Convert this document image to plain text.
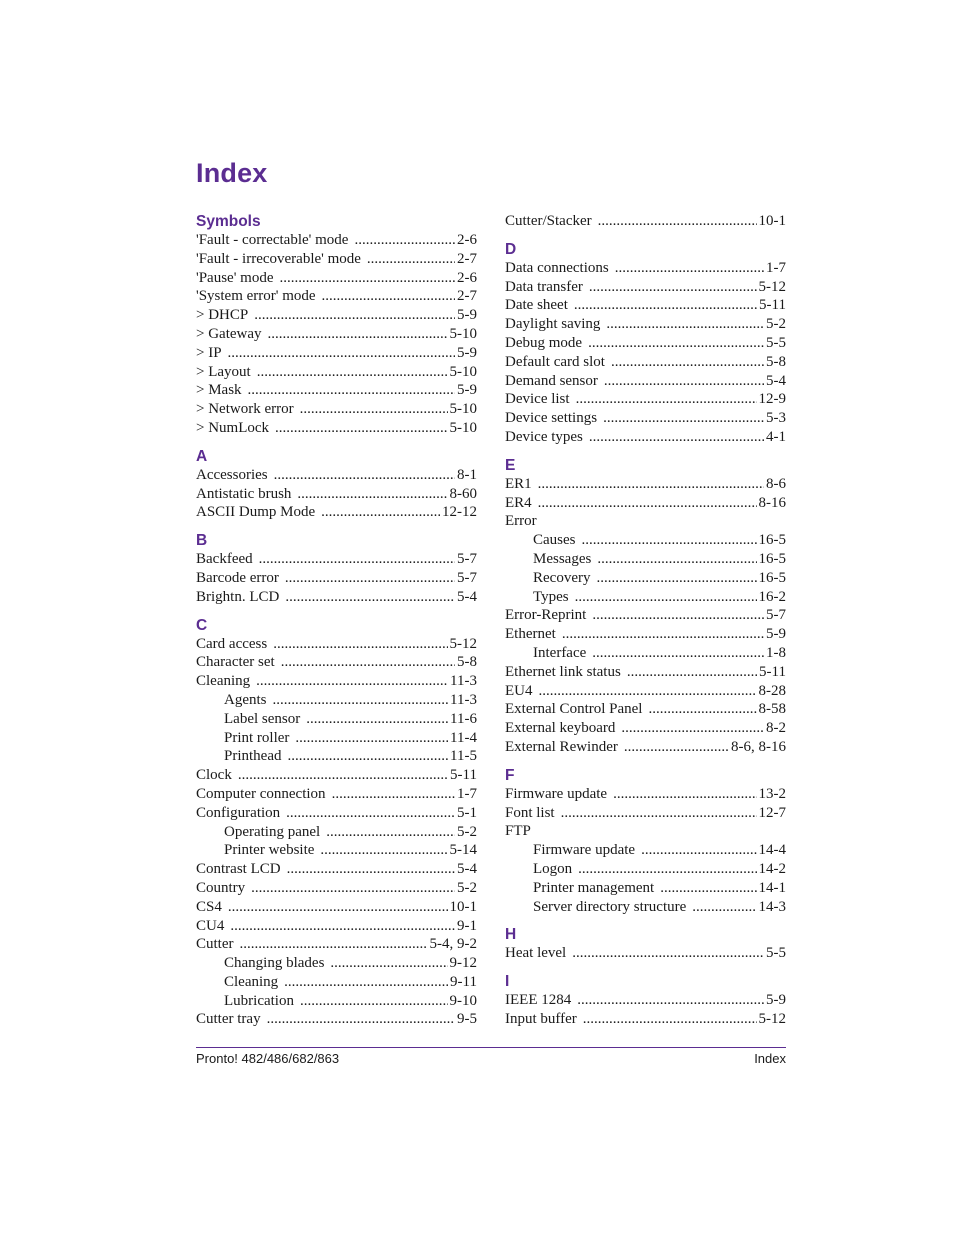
Index
Symbols
'Fault - correctable' mode .....	2-6
'Fault - irrecoverable' mode .....	2-7
'Pause' mode .....	2-6
'System error' mode .....	2-7
> DHCP .....	5-9
> Gateway .....	5-10
> IP .....	5-9
> Layout .....	5-10
> Mask .....	5-9
> Network error .....	5-10
> NumLock .....	5-10
A
Accessories .....	8-1
Antistatic brush .....	8-60
ASCII Dump Mode .....	12-12
B
Backfeed .....	5-7
Barcode error .....	5-7
Brightn. LCD .....	5-4
C
Card access .....	5-12
Character set .....	5-8
Cleaning .....	11-3
Agents .....	11-3
Label sensor .....	11-6
Print roller .....	11-4
Printhead .....	11-5
Clock .....	5-11
Computer connection .....	1-7
Configuration .....	5-1
Operating panel .....	5-2
Printer website .....	5-14
Contrast LCD .....	5-4
Country .....	5-2
CS4 .....	10-1
CU4 .....	9-1
Cutter .....	5-4, 9-2
Changing blades .....	9-12
Cleaning .....	9-11
Lubrication .....	9-10
Cutter tray .....	9-5
Cutter/Stacker .....	10-1
D
Data connections .....	1-7
Data transfer .....	5-12
Date sheet .....	5-11
Daylight saving .....	5-2
Debug mode .....	5-5
Default card slot .....	5-8
Demand sensor .....	5-4
Device list .....	12-9
Device settings .....	5-3
Device types .....	4-1
E
ER1 .....	8-6
ER4 .....	8-16
Error
Causes .....	16-5
Messages .....	16-5
Recovery .....	16-5
Types .....	16-2
Error-Reprint .....	5-7
Ethernet .....	5-9
Interface .....	1-8
Ethernet link status .....	5-11
EU4 .....	8-28
External Control Panel .....	8-58
External keyboard .....	8-2
External Rewinder .....	8-6, 8-16
F
Firmware update .....	13-2
Font list .....	12-7
FTP
Firmware update .....	14-4
Logon .....	14-2
Printer management .....	14-1
Server directory structure .....	14-3
H
Heat level .....	5-5
I
IEEE 1284 .....	5-9
Input buffer .....	5-12
Pronto! 482/486/682/863	Index
